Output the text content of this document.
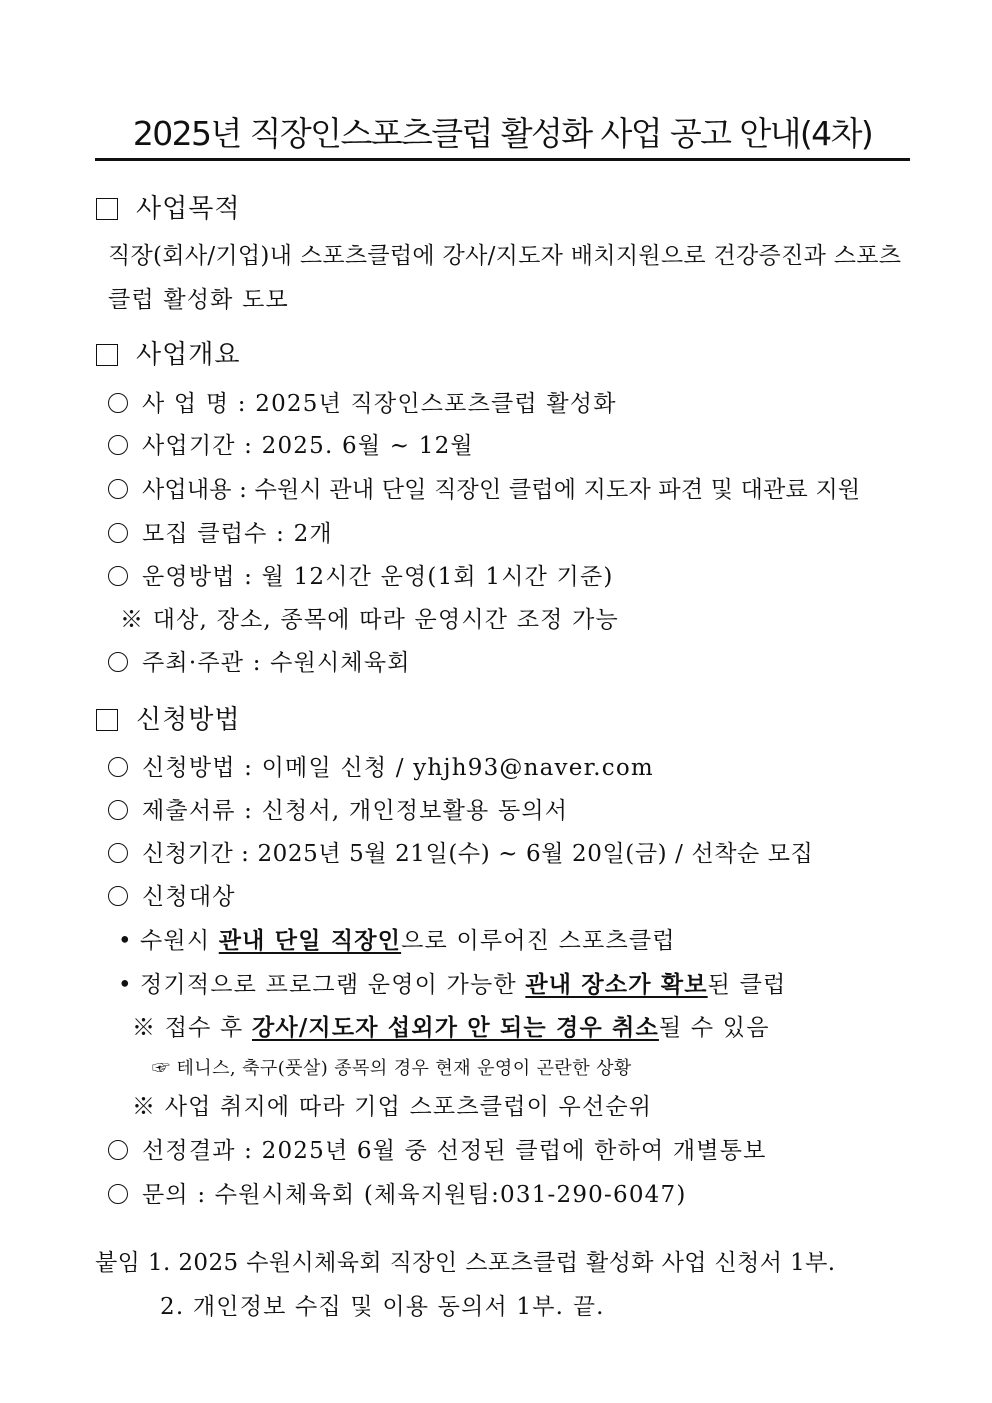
2025년 직장인스포츠클럽 활성화 사업 공고 안내(4차)
사업목적
직장(회사/기업)내 스포츠클럽에 강사/지도자 배치지원으로 건강증진과 스포츠
클럽 활성화 도모
사업개요
사 업 명 : 2025년 직장인스포츠클럽 활성화
사업기간 : 2025. 6월 ~ 12월
사업내용 : 수원시 관내 단일 직장인 클럽에 지도자 파견 및 대관료 지원
모집 클럽수 : 2개
운영방법 : 월 12시간 운영(1회 1시간 기준)
※ 대상, 장소, 종목에 따라 운영시간 조정 가능
주최·주관 : 수원시체육회
신청방법
신청방법 : 이메일 신청 / yhjh93@naver.com
제출서류 : 신청서, 개인정보활용 동의서
신청기간 : 2025년 5월 21일(수) ~ 6월 20일(금) / 선착순 모집
신청대상
• 수원시 관내 단일 직장인으로 이루어진 스포츠클럽
• 정기적으로 프로그램 운영이 가능한 관내 장소가 확보된 클럽
※ 접수 후 강사/지도자 섭외가 안 되는 경우 취소될 수 있음
☞ 테니스, 축구(풋살) 종목의 경우 현재 운영이 곤란한 상황
※ 사업 취지에 따라 기업 스포츠클럽이 우선순위
선정결과 : 2025년 6월 중 선정된 클럽에 한하여 개별통보
문의 : 수원시체육회 (체육지원팀:031-290-6047)
붙임 1. 2025 수원시체육회 직장인 스포츠클럽 활성화 사업 신청서 1부.
2. 개인정보 수집 및 이용 동의서 1부. 끝.
